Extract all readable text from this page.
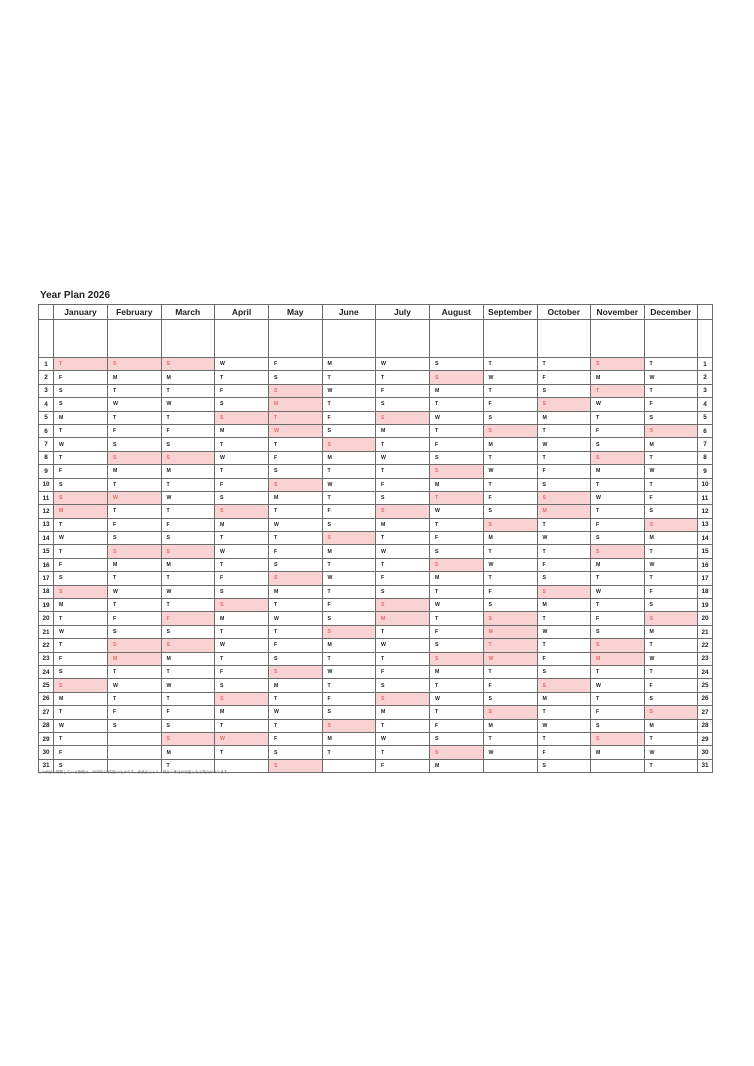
Year Plan 2026
	January	February	March	April	May	June	July	August	September	October	November	December	

1	T	S	S	W	F	M	W	S	T	T	S	T	1
2	F	M	M	T	S	T	T	S	W	F	M	W	2
3	S	T	T	F	S	W	F	M	T	S	T	T	3
4	S	W	W	S	M	T	S	T	F	S	W	F	4
5	M	T	T	S	T	F	S	W	S	M	T	S	5
6	T	F	F	M	W	S	M	T	S	T	F	S	6
7	W	S	S	T	T	S	T	F	M	W	S	M	7
8	T	S	S	W	F	M	W	S	T	T	S	T	8
9	F	M	M	T	S	T	T	S	W	F	M	W	9
10	S	T	T	F	S	W	F	M	T	S	T	T	10
11	S	W	W	S	M	T	S	T	F	S	W	F	11
12	M	T	T	S	T	F	S	W	S	M	T	S	12
13	T	F	F	M	W	S	M	T	S	T	F	S	13
14	W	S	S	T	T	S	T	F	M	W	S	M	14
15	T	S	S	W	F	M	W	S	T	T	S	T	15
16	F	M	M	T	S	T	T	S	W	F	M	W	16
17	S	T	T	F	S	W	F	M	T	S	T	T	17
18	S	W	W	S	M	T	S	T	F	S	W	F	18
19	M	T	T	S	T	F	S	W	S	M	T	S	19
20	T	F	F	M	W	S	M	T	S	T	F	S	20
21	W	S	S	T	T	S	T	F	M	W	S	M	21
22	T	S	S	W	F	M	W	S	T	T	S	T	22
23	F	M	M	T	S	T	T	S	W	F	M	W	23
24	S	T	T	F	S	W	F	M	T	S	T	T	24
25	S	W	W	S	M	T	S	T	F	S	W	F	25
26	M	T	T	S	T	F	S	W	S	M	T	S	26
27	T	F	F	M	W	S	M	T	S	T	F	S	27
28	W	S	S	T	T	S	T	F	M	W	S	M	28
29	T		S	W	F	M	W	S	T	T	S	T	29
30	F		M	T	S	T	T	S	W	F	M	W	30
31	S		T		S		F	M		S		T	31
この商品に掲載している情報は、2025年2月現在のものです。法改正により、祝日・休日が変更になる場合があります。
